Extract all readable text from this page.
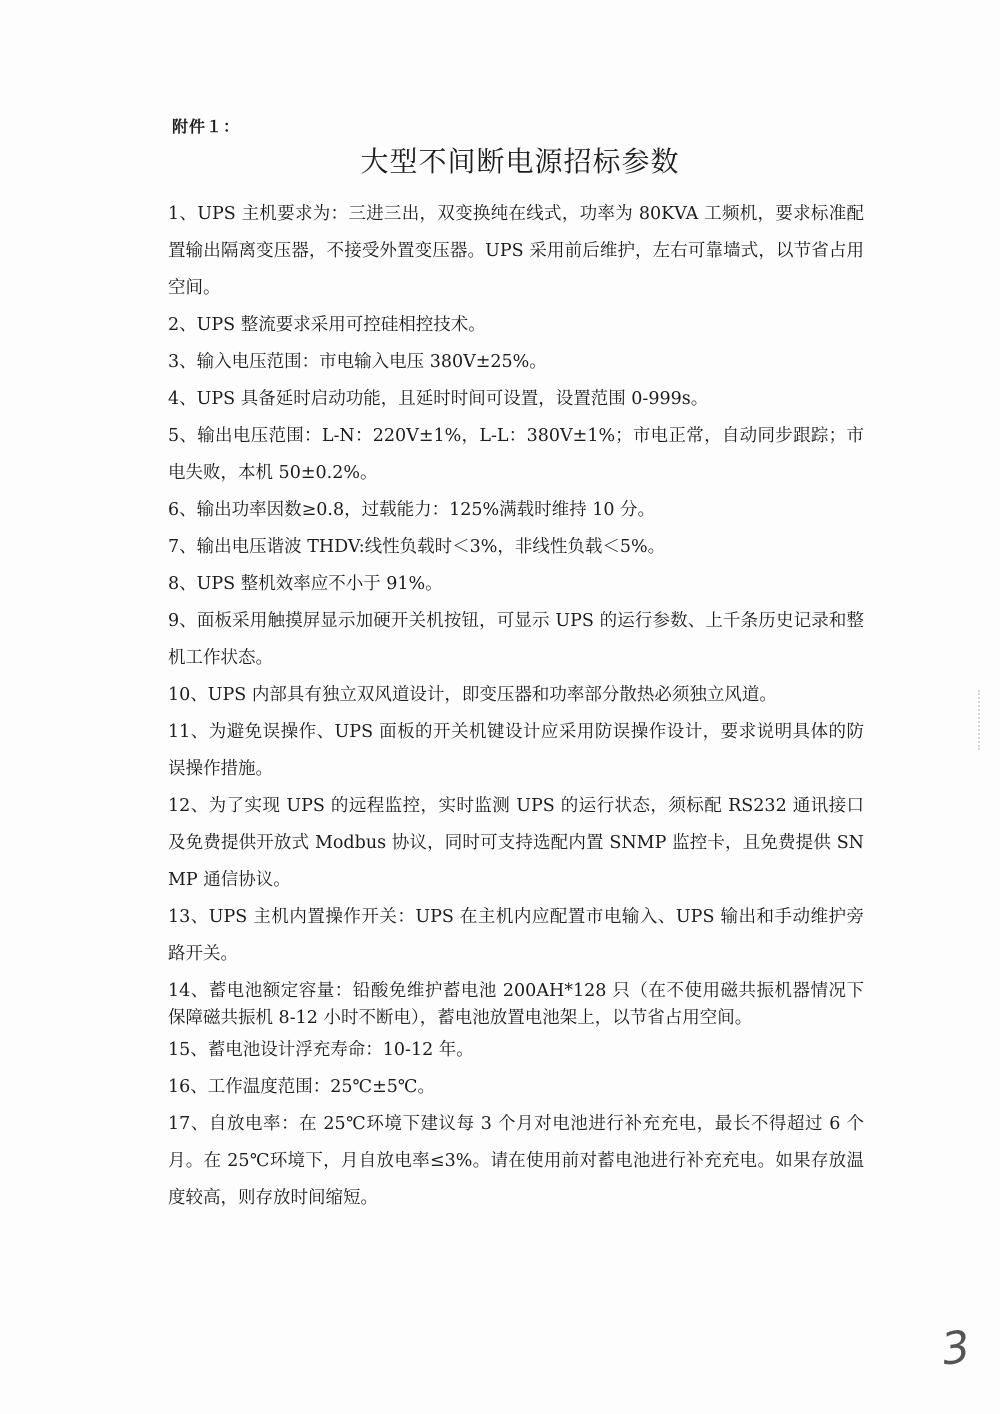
附件１：
大型不间断电源招标参数
1、UPS 主机要求为：三进三出，双变换纯在线式，功率为 80KVA 工频机，要求标准配置输出隔离变压器，不接受外置变压器。UPS 采用前后维护，左右可靠墙式，以节省占用空间。
2、UPS 整流要求采用可控硅相控技术。
3、输入电压范围：市电输入电压 380V±25%。
4、UPS 具备延时启动功能，且延时时间可设置，设置范围 0-999s。
5、输出电压范围：L-N：220V±1%，L-L：380V±1%；市电正常，自动同步跟踪；市电失败，本机 50±0.2%。
6、输出功率因数≥0.8，过载能力：125%满载时维持 10 分。
7、输出电压谐波 THDV:线性负载时＜3%，非线性负载＜5%。
8、UPS 整机效率应不小于 91%。
9、面板采用触摸屏显示加硬开关机按钮，可显示 UPS 的运行参数、上千条历史记录和整机工作状态。
10、UPS 内部具有独立双风道设计，即变压器和功率部分散热必须独立风道。
11、为避免误操作、UPS 面板的开关机键设计应采用防误操作设计，要求说明具体的防误操作措施。
12、为了实现 UPS 的远程监控，实时监测 UPS 的运行状态，须标配 RS232 通讯接口及免费提供开放式 Modbus 协议，同时可支持选配内置 SNMP 监控卡，且免费提供 SNMP 通信协议。
13、UPS 主机内置操作开关：UPS 在主机内应配置市电输入、UPS 输出和手动维护旁路开关。
14、蓄电池额定容量：铅酸免维护蓄电池 200AH*128 只（在不使用磁共振机器情况下保障磁共振机 8-12 小时不断电），蓄电池放置电池架上，以节省占用空间。
15、蓄电池设计浮充寿命：10-12 年。
16、工作温度范围：25℃±5℃。
17、自放电率：在 25℃环境下建议每 3 个月对电池进行补充充电，最长不得超过 6 个月。在 25℃环境下，月自放电率≤3%。请在使用前对蓄电池进行补充充电。如果存放温度较高，则存放时间缩短。
3
